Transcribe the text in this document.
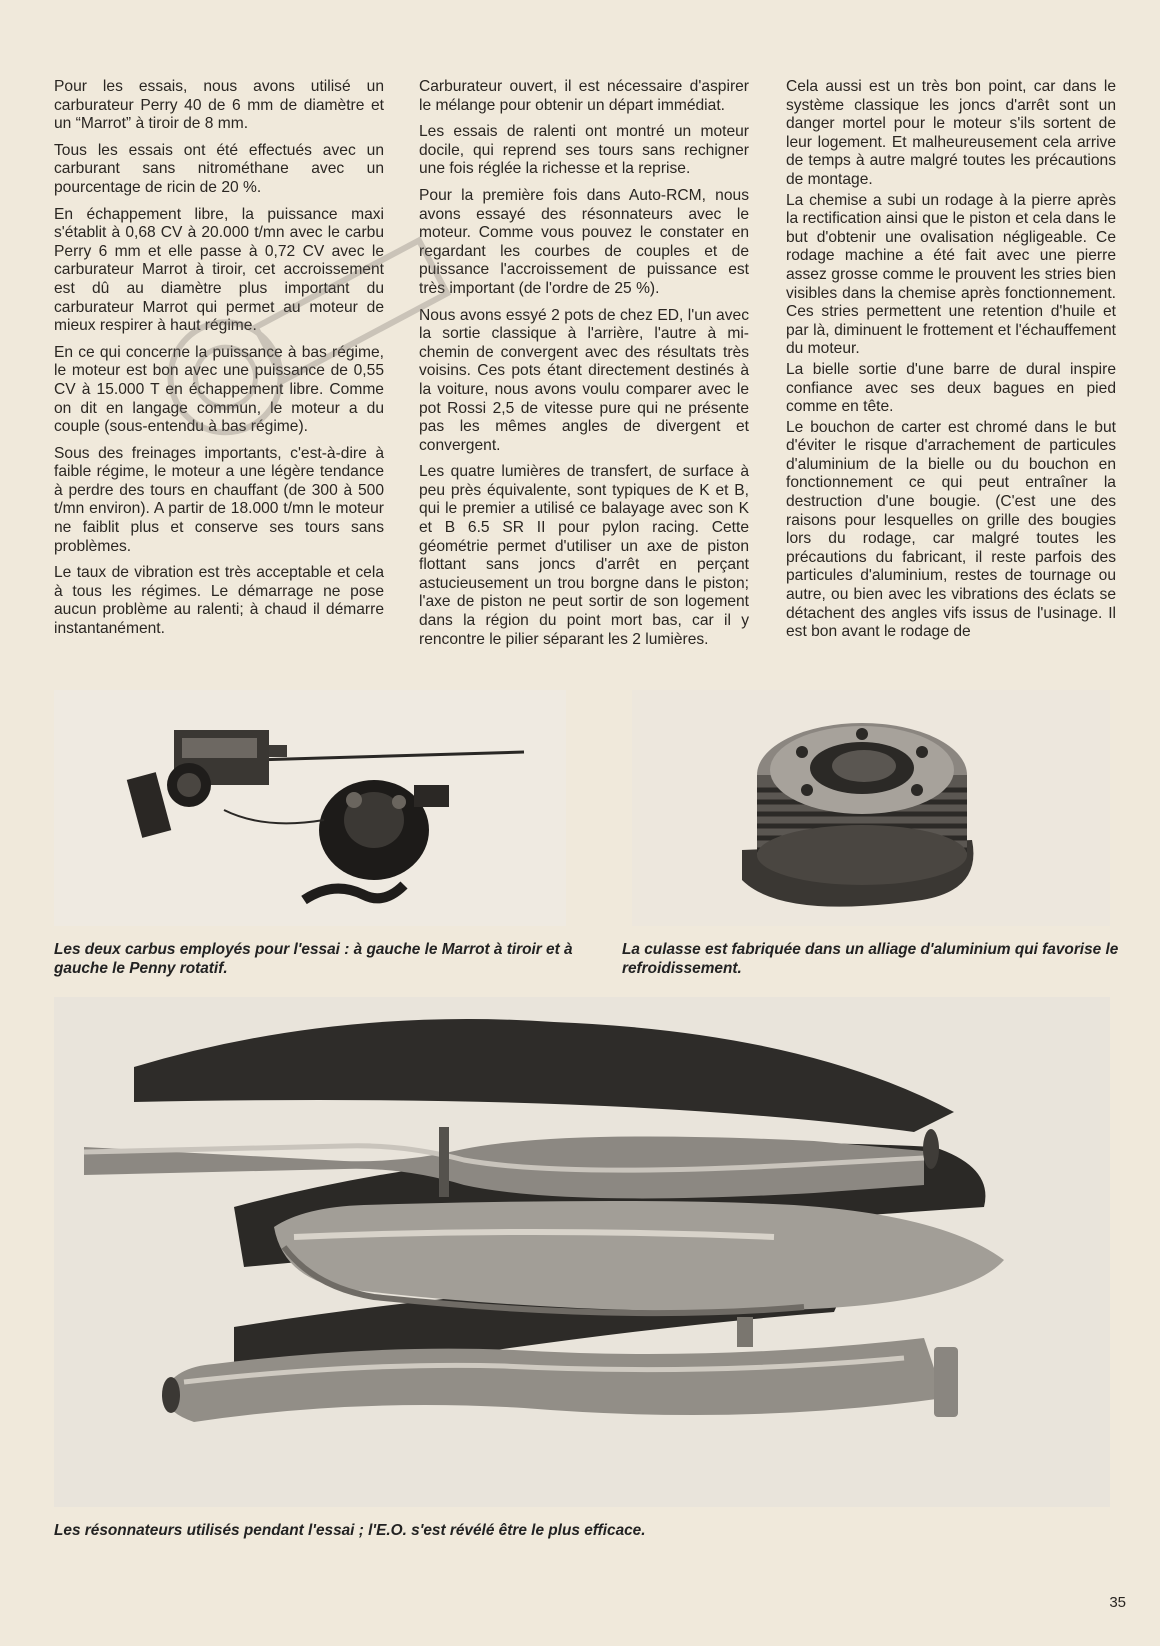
Pour les essais, nous avons utilisé un carburateur Perry 40 de 6 mm de diamètre et un “Marrot” à tiroir de 8 mm.

Tous les essais ont été effectués avec un carburant sans nitrométhane avec un pourcentage de ricin de 20 %.

En échappement libre, la puissance maxi s'établit à 0,68 CV à 20.000 t/mn avec le carbu Perry 6 mm et elle passe à 0,72 CV avec le carburateur Marrot à tiroir, cet accroissement est dû au diamètre plus important du carburateur Marrot qui permet au moteur de mieux respirer à haut régime.

En ce qui concerne la puissance à bas régime, le moteur est bon avec une puissance de 0,55 CV à 15.000 T en échappement libre. Comme on dit en langage commun, le moteur a du couple (sous-entendu à bas régime).

Sous des freinages importants, c'est-à-dire à faible régime, le moteur a une légère tendance à perdre des tours en chauffant (de 300 à 500 t/mn environ). A partir de 18.000 t/mn le moteur ne faiblit plus et conserve ses tours sans problèmes.

Le taux de vibration est très acceptable et cela à tous les régimes. Le démarrage ne pose aucun problème au ralenti; à chaud il démarre instantanément.

Carburateur ouvert, il est nécessaire d'aspirer le mélange pour obtenir un départ immédiat.

Les essais de ralenti ont montré un moteur docile, qui reprend ses tours sans rechigner une fois réglée la richesse et la reprise.

Pour la première fois dans Auto-RCM, nous avons essayé des résonnateurs avec le moteur. Comme vous pouvez le constater en regardant les courbes de couples et de puissance l'accroissement de puissance est très important (de l'ordre de 25 %).

Nous avons essyé 2 pots de chez ED, l'un avec la sortie classique à l'arrière, l'autre à mi-chemin de convergent avec des résultats très voisins. Ces pots étant directement destinés à la voiture, nous avons voulu comparer avec le pot Rossi 2,5 de vitesse pure qui ne présente pas les mêmes angles de divergent et convergent.

Les quatre lumières de transfert, de surface à peu près équivalente, sont typiques de K et B, qui le premier a utilisé ce balayage avec son K et B 6.5 SR II pour pylon racing. Cette géométrie permet d'utiliser un axe de piston flottant sans joncs d'arrêt en perçant astucieusement un trou borgne dans le piston; l'axe de piston ne peut sortir de son logement dans la région du point mort bas, car il y rencontre le pilier séparant les 2 lumières.

Cela aussi est un très bon point, car dans le système classique les joncs d'arrêt sont un danger mortel pour le moteur s'ils sortent de leur logement. Et malheureusement cela arrive de temps à autre malgré toutes les précautions de montage.

La chemise a subi un rodage à la pierre après la rectification ainsi que le piston et cela dans le but d'obtenir une ovalisation négligeable. Ce rodage machine a été fait avec une pierre assez grosse comme le prouvent les stries bien visibles dans la chemise après fonctionnement. Ces stries permettent une retention d'huile et par là, diminuent le frottement et l'échauffement du moteur.

La bielle sortie d'une barre de dural inspire confiance avec ses deux bagues en pied comme en tête.

Le bouchon de carter est chromé dans le but d'éviter le risque d'arrachement de particules d'aluminium de la bielle ou du bouchon en fonctionnement ce qui peut entraîner la destruction d'une bougie. (C'est une des raisons pour lesquelles on grille des bougies lors du rodage, car malgré toutes les précautions du fabricant, il reste parfois des particules d'aluminium, restes de tournage ou autre, ou bien avec les vibrations des éclats se détachent des angles vifs issus de l'usinage. Il est bon avant le rodage de

Les deux carbus employés pour l'essai : à gauche le Marrot à tiroir et à gauche le Penny rotatif.
La culasse est fabriquée dans un alliage d'aluminium qui favorise le refroidissement.
Les résonnateurs utilisés pendant l'essai ; l'E.O. s'est révélé être le plus efficace.
35
